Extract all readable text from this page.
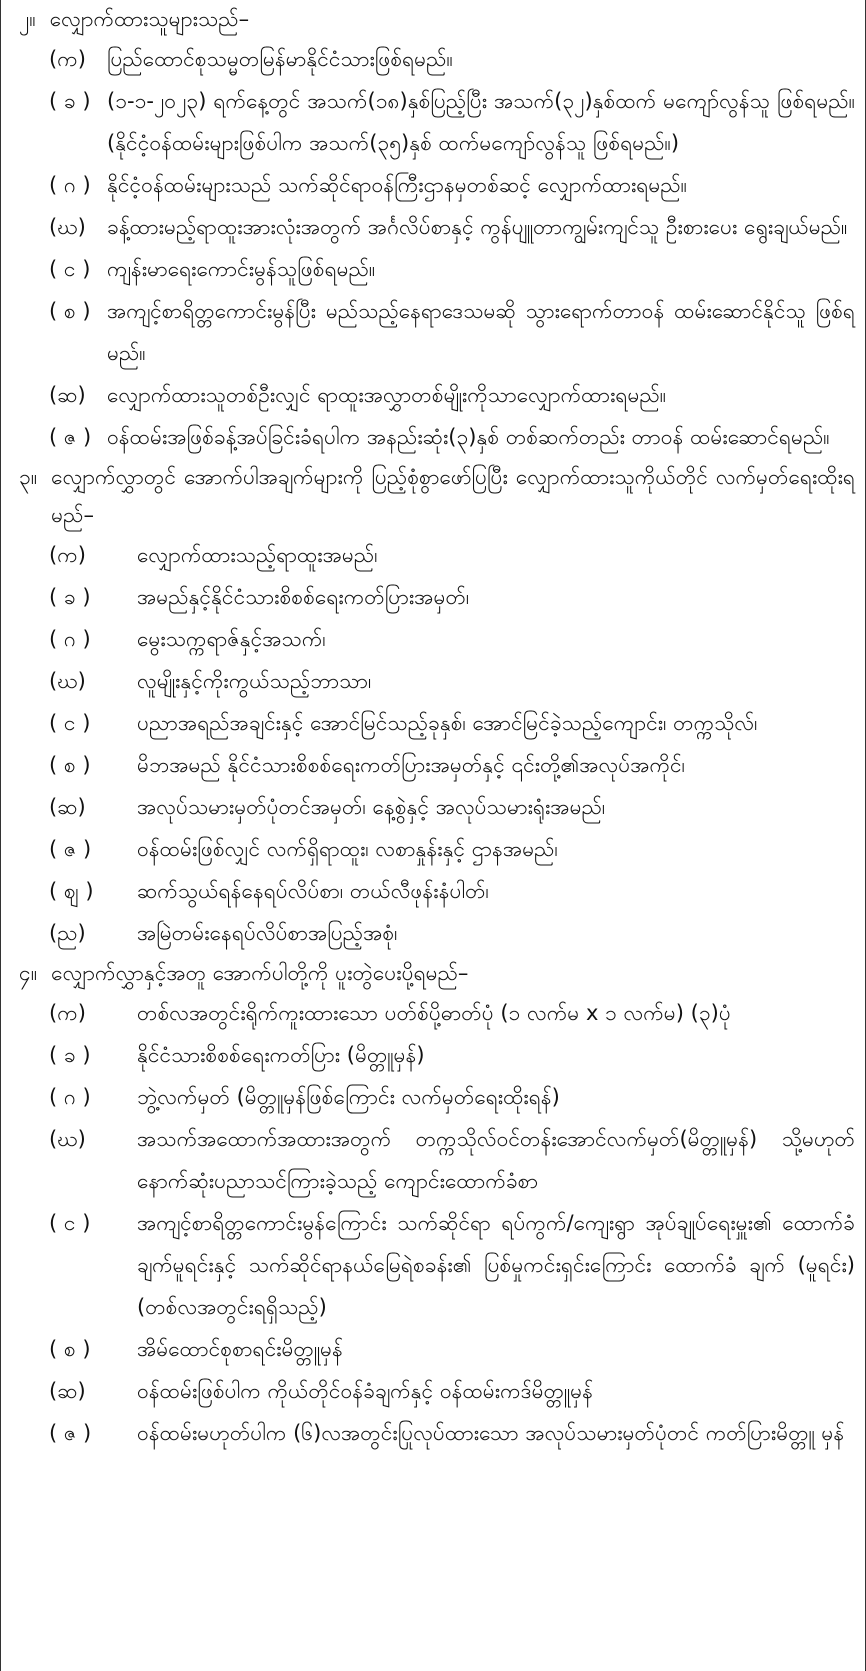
၂။ လျှောက်ထားသူများသည်–
(က)	ပြည်ထောင်စုသမ္မတမြန်မာနိုင်ငံသားဖြစ်ရမည်။
( ခ ) (၁-၁-၂၀၂၃) ရက်နေ့တွင် အသက်(၁၈)နှစ်ပြည့်ပြီး အသက်(၃၂)နှစ်ထက် မကျော်လွန်သူ ဖြစ်ရမည်။ (နိုင်ငံ့ဝန်ထမ်းများဖြစ်ပါက အသက်(၃၅)နှစ် ထက်မကျော်လွန်သူ ဖြစ်ရမည်။)
( ဂ ) နိုင်ငံ့ဝန်ထမ်းများသည် သက်ဆိုင်ရာဝန်ကြီးဌာနမှတစ်ဆင့် လျှောက်ထားရမည်။
(ဃ)	ခန့်ထားမည့်ရာထူးအားလုံးအတွက် အင်္ဂလိပ်စာနှင့် ကွန်ပျူတာကျွမ်းကျင်သူ ဦးစားပေး ရွေးချယ်မည်။
( င ) ကျန်းမာရေးကောင်းမွန်သူဖြစ်ရမည်။
( စ ) အကျင့်စာရိတ္တကောင်းမွန်ပြီး မည်သည့်နေရာဒေသမဆို သွားရောက်တာဝန် ထမ်းဆောင်နိုင်သူ ဖြစ်ရမည်။
(ဆ)	လျှောက်ထားသူတစ်ဦးလျှင် ရာထူးအလွှာတစ်မျိုးကိုသာလျှောက်ထားရမည်။
( ဇ ) ဝန်ထမ်းအဖြစ်ခန့်အပ်ခြင်းခံရပါက အနည်းဆုံး(၃)နှစ် တစ်ဆက်တည်း တာဝန် ထမ်းဆောင်ရမည်။
၃။ လျှောက်လွှာတွင် အောက်ပါအချက်များကို ပြည့်စုံစွာဖော်ပြပြီး လျှောက်ထားသူကိုယ်တိုင် လက်မှတ်ရေးထိုးရမည်–
(က)	လျှောက်ထားသည့်ရာထူးအမည်၊
( ခ )	အမည်နှင့်နိုင်ငံသားစိစစ်ရေးကတ်ပြားအမှတ်၊
( ဂ )	မွေးသက္ကရာဇ်နှင့်အသက်၊
(ဃ)	လူမျိုးနှင့်ကိုးကွယ်သည့်ဘာသာ၊
( င )	ပညာအရည်အချင်းနှင့် အောင်မြင်သည့်ခုနှစ်၊ အောင်မြင်ခဲ့သည့်ကျောင်း၊ တက္ကသိုလ်၊
( စ )	မိဘအမည် နိုင်ငံသားစိစစ်ရေးကတ်ပြားအမှတ်နှင့် ၎င်းတို့၏အလုပ်အကိုင်၊
(ဆ)	အလုပ်သမားမှတ်ပုံတင်အမှတ်၊ နေ့စွဲနှင့် အလုပ်သမားရုံးအမည်၊
( ဇ )	ဝန်ထမ်းဖြစ်လျှင် လက်ရှိရာထူး၊ လစာနှုန်းနှင့် ဌာနအမည်၊
( ဈ )	ဆက်သွယ်ရန်နေရပ်လိပ်စာ၊ တယ်လီဖုန်းနံပါတ်၊
(ည)	အမြဲတမ်းနေရပ်လိပ်စာအပြည့်အစုံ၊
၄။ လျှောက်လွှာနှင့်အတူ အောက်ပါတို့ကို ပူးတွဲပေးပို့ရမည်–
(က)	တစ်လအတွင်းရိုက်ကူးထားသော ပတ်စ်ပို့ဓာတ်ပုံ (၁ လက်မ x ၁ လက်မ) (၃)ပုံ
( ခ )	နိုင်ငံသားစိစစ်ရေးကတ်ပြား (မိတ္တူမှန်)
( ဂ )	ဘွဲ့လက်မှတ် (မိတ္တူမှန်ဖြစ်ကြောင်း လက်မှတ်ရေးထိုးရန်)
(ဃ)	အသက်အထောက်အထားအတွက် တက္ကသိုလ်ဝင်တန်းအောင်လက်မှတ်(မိတ္တူမှန်) သို့မဟုတ် နောက်ဆုံးပညာသင်ကြားခဲ့သည့် ကျောင်းထောက်ခံစာ
( င )	အကျင့်စာရိတ္တကောင်းမွန်ကြောင်း သက်ဆိုင်ရာ ရပ်ကွက်/ကျေးရွာ အုပ်ချုပ်ရေးမှူး၏ ထောက်ခံချက်မူရင်းနှင့် သက်ဆိုင်ရာနယ်မြေရဲစခန်း၏ ပြစ်မှုကင်းရှင်းကြောင်း ထောက်ခံ ချက် (မူရင်း) (တစ်လအတွင်းရရှိသည့်)
( စ )	အိမ်ထောင်စုစာရင်းမိတ္တူမှန်
(ဆ)	ဝန်ထမ်းဖြစ်ပါက ကိုယ်တိုင်ဝန်ခံချက်နှင့် ဝန်ထမ်းကဒ်မိတ္တူမှန်
( ဇ )	ဝန်ထမ်းမဟုတ်ပါက (၆)လအတွင်းပြုလုပ်ထားသော အလုပ်သမားမှတ်ပုံတင် ကတ်ပြားမိတ္တူ မှန်
